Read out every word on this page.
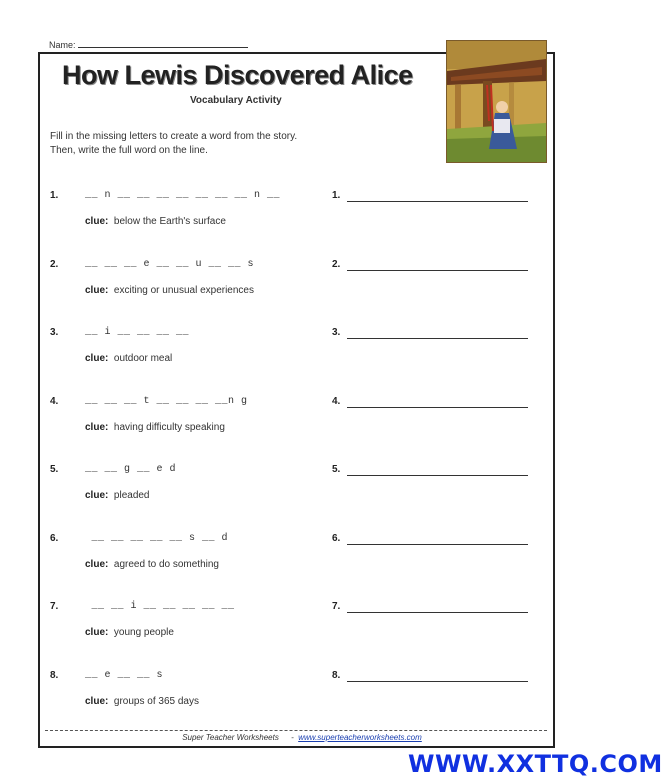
Name:
How Lewis Discovered Alice
Vocabulary Activity
Fill in the missing letters to create a word from the story.
Then, write the full word on the line.
1.	__ n __ __ __ __ __ __ __ n __
clue: below the Earth's surface
1.
2.	__ __ __ e __ __ u __ __ s
clue: exciting or unusual experiences
2.
3.	__ i __ __ __ __
clue: outdoor meal
3.
4.	__ __ __ t __ __ __ __n g
clue: having difficulty speaking
4.
5.	__ __ g __ e d
clue: pleaded
5.
6.	__ __ __ __ __ s __ d
clue: agreed to do something
6.
7.	__ __ i __ __ __ __ __
clue: young people
7.
8.	__ e __ __ s
clue: groups of 365 days
8.
Super Teacher Worksheets - www.superteacherworksheets.com
WWW.XXTTQ.COM
